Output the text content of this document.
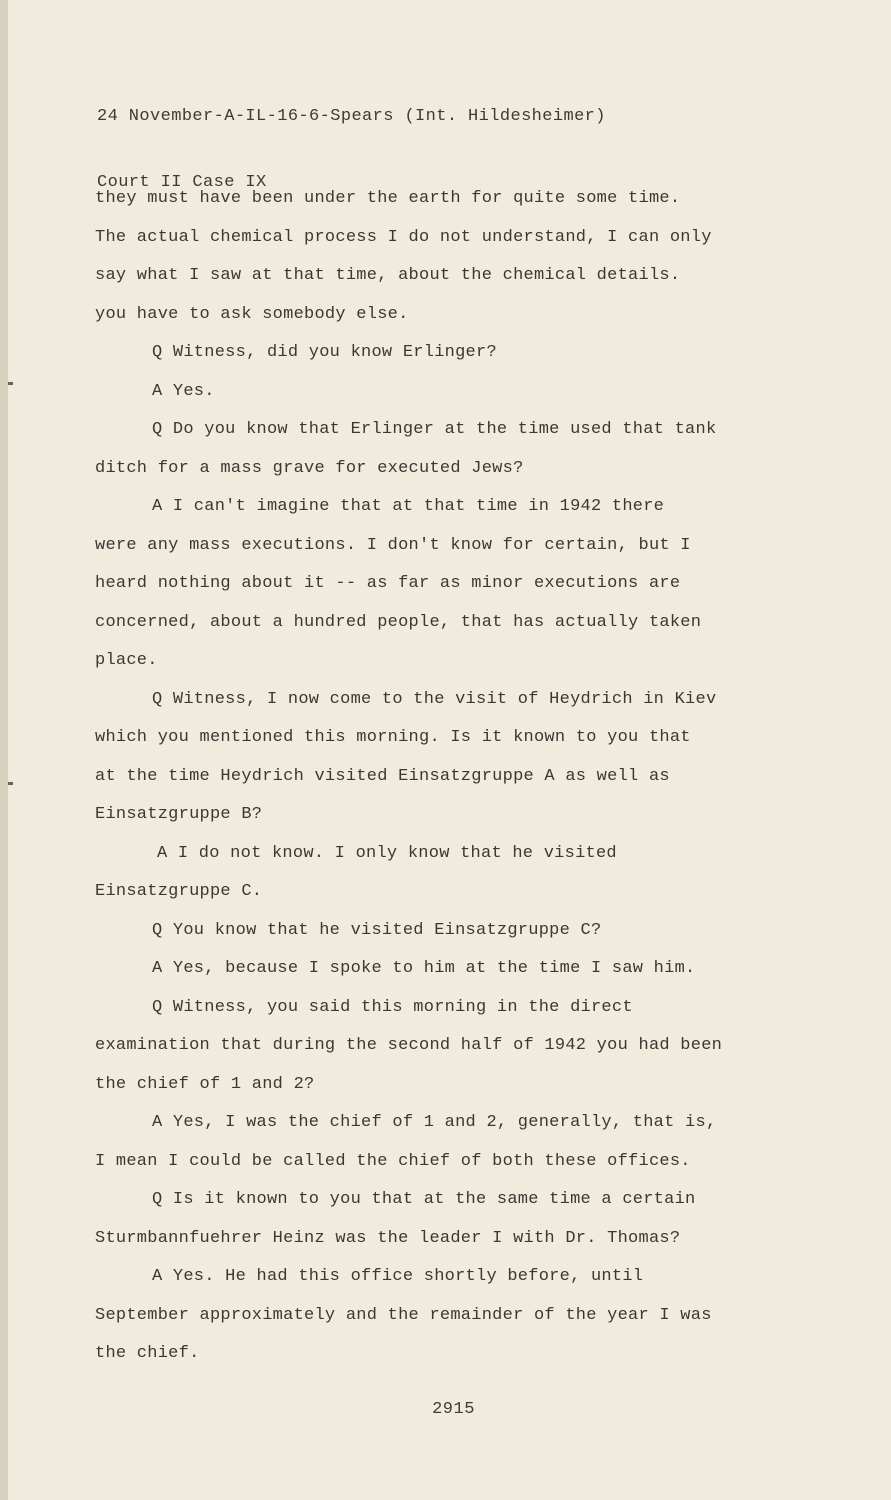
24 November-A-IL-16-6-Spears (Int. Hildesheimer)

Court II Case IX

they must have been under the earth for quite some time.
The actual chemical process I do not understand, I can only
say what I saw at that time, about the chemical details.
you have to ask somebody else.
Q Witness, did you know Erlinger?
A Yes.
Q Do you know that Erlinger at the time used that tank
ditch for a mass grave for executed Jews?
A I can't imagine that at that time in 1942 there
were any mass executions. I don't know for certain, but I
heard nothing about it -- as far as minor executions are
concerned, about a hundred people, that has actually taken
place.
Q Witness, I now come to the visit of Heydrich in Kiev
which you mentioned this morning. Is it known to you that
at the time Heydrich visited Einsatzgruppe A as well as
Einsatzgruppe B?
A I do not know. I only know that he visited
Einsatzgruppe C.
Q You know that he visited Einsatzgruppe C?
A Yes, because I spoke to him at the time I saw him.
Q Witness, you said this morning in the direct
examination that during the second half of 1942 you had been
the chief of 1 and 2?
A Yes, I was the chief of 1 and 2, generally, that is,
I mean I could be called the chief of both these offices.
Q Is it known to you that at the same time a certain
Sturmbannfuehrer Heinz was the leader I with Dr. Thomas?
A Yes. He had this office shortly before, until
September approximately and the remainder of the year I was
the chief.
2915
